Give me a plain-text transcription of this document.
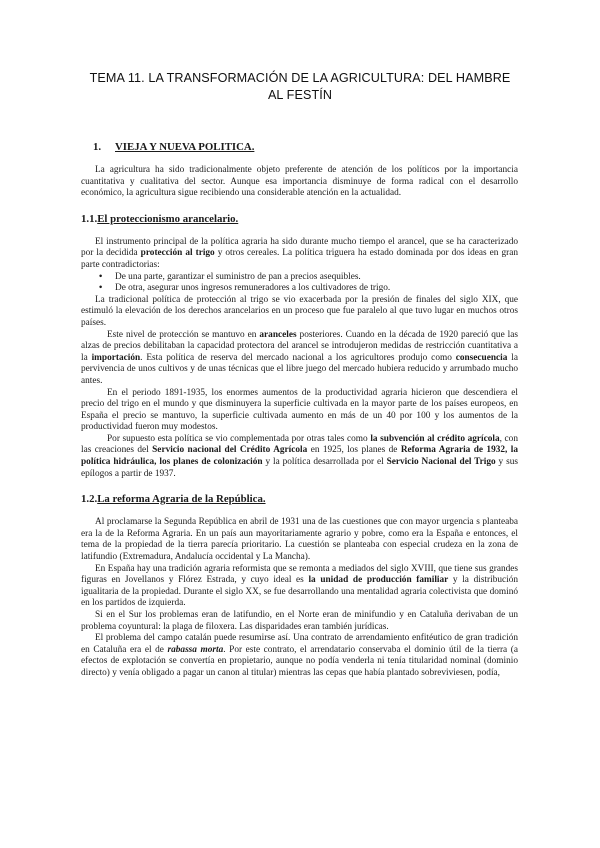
TEMA 11. LA TRANSFORMACIÓN DE LA AGRICULTURA: DEL HAMBRE
AL FESTÍN
1. VIEJA Y NUEVA POLITICA.

La agricultura ha sido tradicionalmente objeto preferente de atención de los políticos por la importancia cuantitativa y cualitativa del sector. Aunque esa importancia disminuye de forma radical con el desarrollo económico, la agricultura sigue recibiendo una considerable atención en la actualidad.

1.1.El proteccionismo arancelario.

El instrumento principal de la política agraria ha sido durante mucho tiempo el arancel, que se ha caracterizado por la decidida protección al trigo y otros cereales. La política triguera ha estado dominada por dos ideas en gran parte contradictorias:

• De una parte, garantizar el suministro de pan a precios asequibles.
• De otra, asegurar unos ingresos remuneradores a los cultivadores de trigo.

La tradicional política de protección al trigo se vio exacerbada por la presión de finales del siglo XIX, que estimuló la elevación de los derechos arancelarios en un proceso que fue paralelo al que tuvo lugar en muchos otros países.

Este nivel de protección se mantuvo en aranceles posteriores. Cuando en la década de 1920 pareció que las alzas de precios debilitaban la capacidad protectora del arancel se introdujeron medidas de restricción cuantitativa a la importación. Esta política de reserva del mercado nacional a los agricultores produjo como consecuencia la pervivencia de unos cultivos y de unas técnicas que el libre juego del mercado hubiera reducido y arrumbado mucho antes.

En el periodo 1891-1935, los enormes aumentos de la productividad agraria hicieron que descendiera el precio del trigo en el mundo y que disminuyera la superficie cultivada en la mayor parte de los países europeos, en España el precio se mantuvo, la superficie cultivada aumento en más de un 40 por 100 y los aumentos de la productividad fueron muy modestos.

Por supuesto esta política se vio complementada por otras tales como la subvención al crédito agrícola, con las creaciones del Servicio nacional del Crédito Agrícola en 1925, los planes de Reforma Agraria de 1932, la política hidráulica, los planes de colonización y la política desarrollada por el Servicio Nacional del Trigo y sus epílogos a partir de 1937.

1.2.La reforma Agraria de la República.

Al proclamarse la Segunda República en abril de 1931 una de las cuestiones que con mayor urgencia s planteaba era la de la Reforma Agraria. En un país aun mayoritariamente agrario y pobre, como era la España e entonces, el tema de la propiedad de la tierra parecía prioritario. La cuestión se planteaba con especial crudeza en la zona de latifundio (Extremadura, Andalucía occidental y La Mancha).

En España hay una tradición agraria reformista que se remonta a mediados del siglo XVIII, que tiene sus grandes figuras en Jovellanos y Flórez Estrada, y cuyo ideal es la unidad de producción familiar y la distribución igualitaria de la propiedad. Durante el siglo XX, se fue desarrollando una mentalidad agraria colectivista que dominó en los partidos de izquierda.

Si en el Sur los problemas eran de latifundio, en el Norte eran de minifundio y en Cataluña derivaban de un problema coyuntural: la plaga de filoxera. Las disparidades eran también jurídicas.

El problema del campo catalán puede resumirse así. Una contrato de arrendamiento enfitéutico de gran tradición en Cataluña era el de rabassa morta. Por este contrato, el arrendatario conservaba el dominio útil de la tierra (a efectos de explotación se convertía en propietario, aunque no podía venderla ni tenía titularidad nominal (dominio directo) y venía obligado a pagar un canon al titular) mientras las cepas que había plantado sobreviviesen, podía,
